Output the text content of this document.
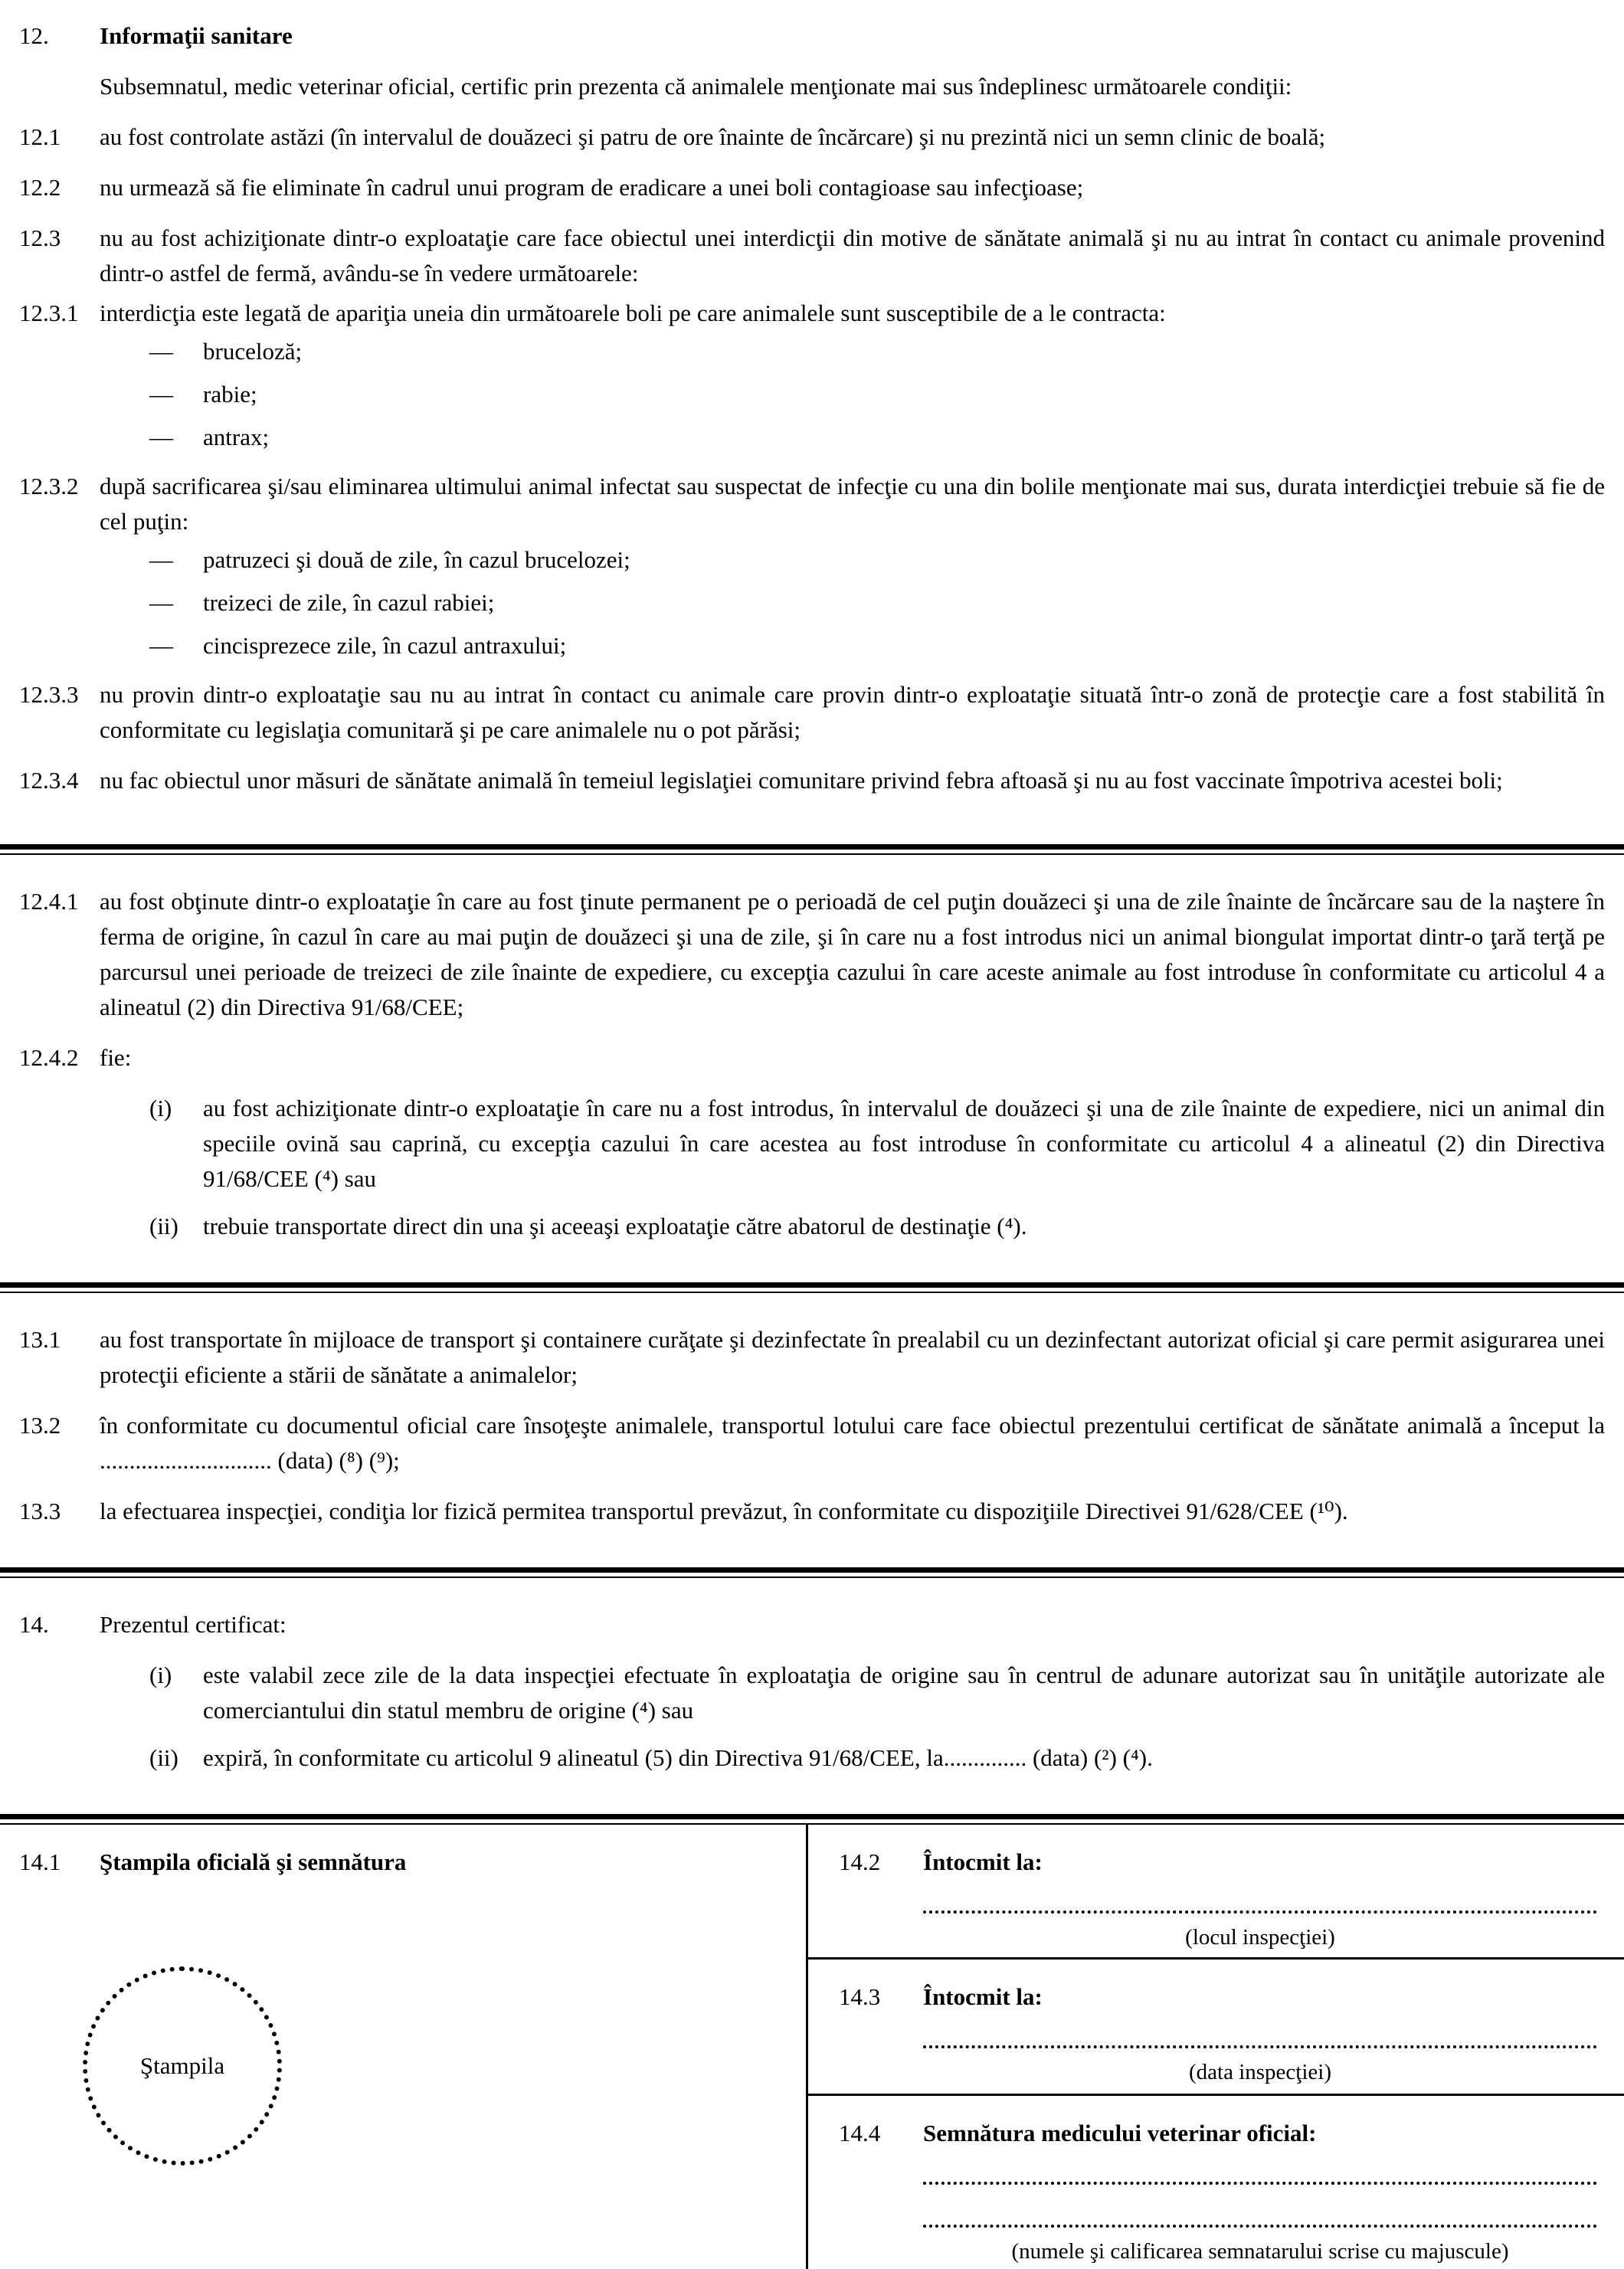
12.	Informaţii sanitare
Subsemnatul, medic veterinar oficial, certific prin prezenta că animalele menţionate mai sus îndeplinesc următoarele condiţii:
12.1	au fost controlate astăzi (în intervalul de douăzeci şi patru de ore înainte de încărcare) şi nu prezintă nici un semn clinic de boală;
12.2	nu urmează să fie eliminate în cadrul unui program de eradicare a unei boli contagioase sau infecţioase;
12.3	nu au fost achiziţionate dintr-o exploataţie care face obiectul unei interdicţii din motive de sănătate animală şi nu au intrat în contact cu animale provenind dintr-o astfel de fermă, avându-se în vedere următoarele:
12.3.1 interdicţia este legată de apariţia uneia din următoarele boli pe care animalele sunt susceptibile de a le contracta:
—	bruceloză;
—	rabie;
—	antrax;
12.3.2 după sacrificarea şi/sau eliminarea ultimului animal infectat sau suspectat de infecţie cu una din bolile menţionate mai sus, durata interdicţiei trebuie să fie de cel puţin:
—	patruzeci şi două de zile, în cazul brucelozei;
—	treizeci de zile, în cazul rabiei;
—	cincisprezece zile, în cazul antraxului;
12.3.3 nu provin dintr-o exploataţie sau nu au intrat în contact cu animale care provin dintr-o exploataţie situată într-o zonă de protecţie care a fost stabilită în conformitate cu legislaţia comunitară şi pe care animalele nu o pot părăsi;
12.3.4 nu fac obiectul unor măsuri de sănătate animală în temeiul legislaţiei comunitare privind febra aftoasă şi nu au fost vaccinate împotriva acestei boli;
12.4.1 au fost obţinute dintr-o exploataţie în care au fost ţinute permanent pe o perioadă de cel puţin douăzeci şi una de zile înainte de încărcare sau de la naştere în ferma de origine, în cazul în care au mai puţin de douăzeci şi una de zile, şi în care nu a fost introdus nici un animal biongulat importat dintr-o ţară terţă pe parcursul unei perioade de treizeci de zile înainte de expediere, cu excepţia cazului în care aceste animale au fost introduse în conformitate cu articolul 4 a alineatul (2) din Directiva 91/68/CEE;
12.4.2 fie:
(i)	au fost achiziţionate dintr-o exploataţie în care nu a fost introdus, în intervalul de douăzeci şi una de zile înainte de expediere, nici un animal din speciile ovină sau caprină, cu excepţia cazului în care acestea au fost introduse în conformitate cu articolul 4 a alineatul (2) din Directiva 91/68/CEE (⁴) sau
(ii)	trebuie transportate direct din una şi aceeaşi exploataţie către abatorul de destinaţie (⁴).
13.1	au fost transportate în mijloace de transport şi containere curăţate şi dezinfectate în prealabil cu un dezinfectant autorizat oficial şi care permit asigurarea unei protecţii eficiente a stării de sănătate a animalelor;
13.2	în conformitate cu documentul oficial care însoţeşte animalele, transportul lotului care face obiectul prezentului certificat de sănătate animală a început la ............................. (data) (⁸) (⁹);
13.3	la efectuarea inspecţiei, condiţia lor fizică permitea transportul prevăzut, în conformitate cu dispoziţiile Directivei 91/628/CEE (¹⁰).
14.	Prezentul certificat:
(i)	este valabil zece zile de la data inspecţiei efectuate în exploataţia de origine sau în centrul de adunare autorizat sau în unităţile autorizate ale comerciantului din statul membru de origine (⁴) sau
(ii)	expiră, în conformitate cu articolul 9 alineatul (5) din Directiva 91/68/CEE, la.............. (data) (²) (⁴).
14.1	Ştampila oficială şi semnătura
Ştampila
14.2	Întocmit la:
(locul inspecţiei)
14.3	Întocmit la:
(data inspecţiei)
14.4	Semnătura medicului veterinar oficial:
(numele şi calificarea semnatarului scrise cu majuscule)
